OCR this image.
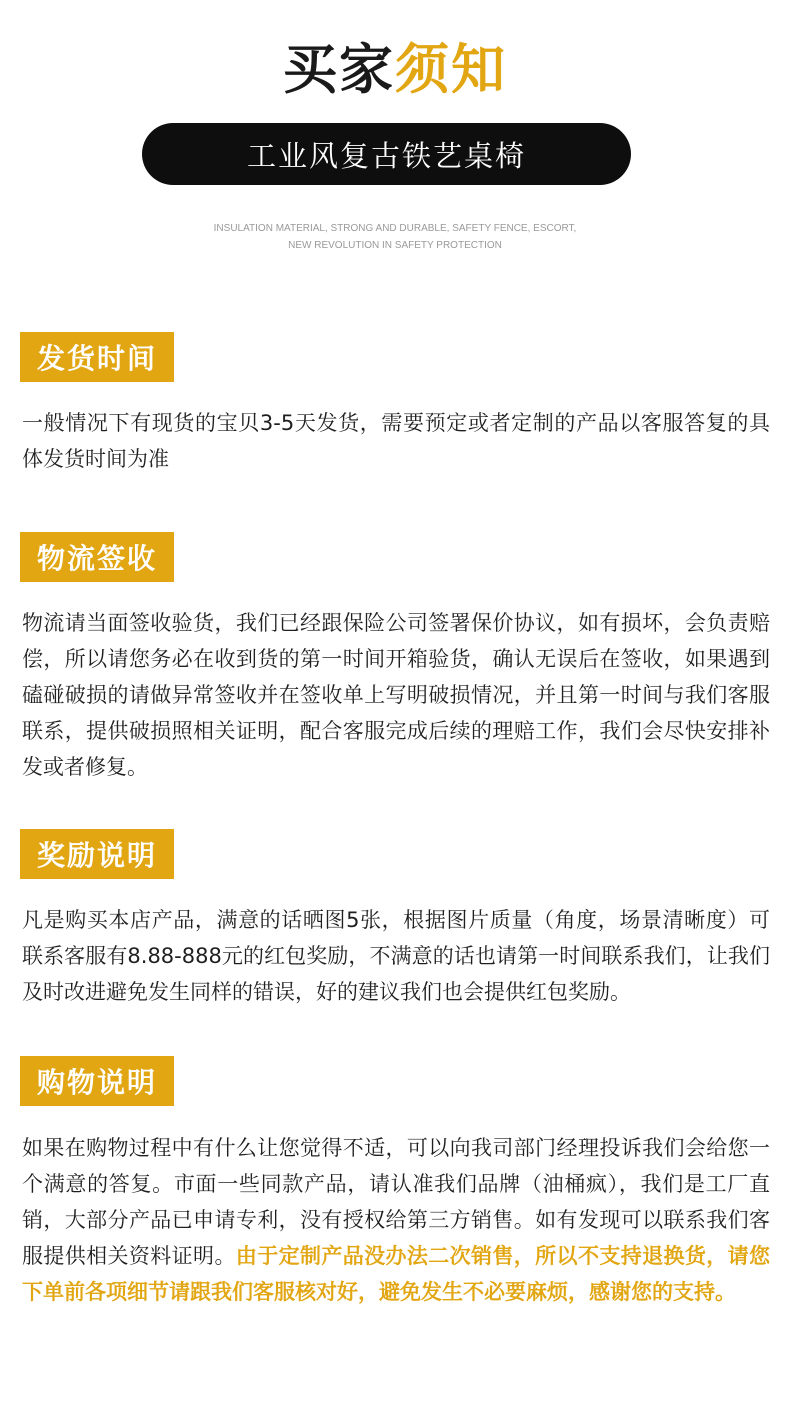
买家须知
工业风复古铁艺桌椅
INSULATION MATERIAL, STRONG AND DURABLE, SAFETY FENCE, ESCORT,
NEW REVOLUTION IN SAFETY PROTECTION
发货时间
一般情况下有现货的宝贝3-5天发货，需要预定或者定制的产品以客服答复的具体发货时间为准
物流签收
物流请当面签收验货，我们已经跟保险公司签署保价协议，如有损坏，会负责赔偿，所以请您务必在收到货的第一时间开箱验货，确认无误后在签收，如果遇到磕碰破损的请做异常签收并在签收单上写明破损情况，并且第一时间与我们客服联系，提供破损照相关证明，配合客服完成后续的理赔工作，我们会尽快安排补发或者修复。
奖励说明
凡是购买本店产品，满意的话晒图5张，根据图片质量（角度，场景清晰度）可联系客服有8.88-888元的红包奖励，不满意的话也请第一时间联系我们，让我们及时改进避免发生同样的错误，好的建议我们也会提供红包奖励。
购物说明
如果在购物过程中有什么让您觉得不适，可以向我司部门经理投诉我们会给您一个满意的答复。市面一些同款产品，请认准我们品牌（油桶疯），我们是工厂直销，大部分产品已申请专利，没有授权给第三方销售。如有发现可以联系我们客服提供相关资料证明。由于定制产品没办法二次销售，所以不支持退换货，请您下单前各项细节请跟我们客服核对好，避免发生不必要麻烦，感谢您的支持。
